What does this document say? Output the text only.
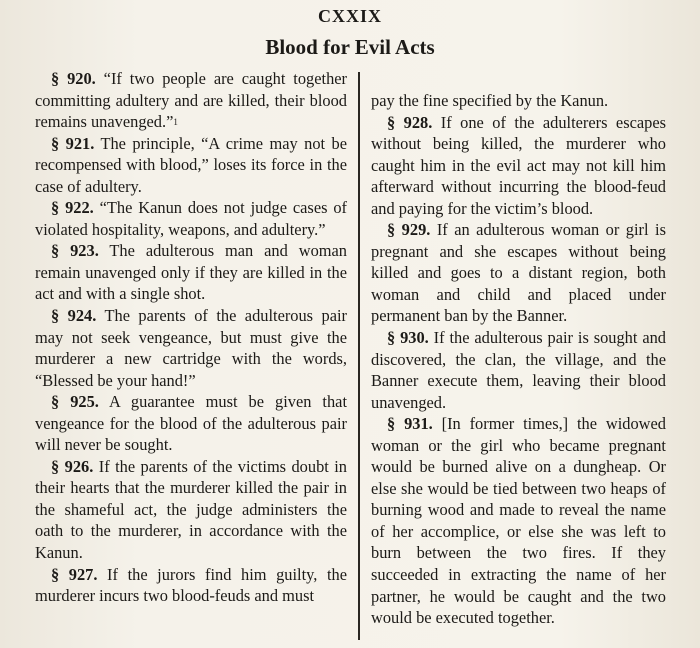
CXXIX
Blood for Evil Acts

§ 920. “If two people are caught together committing adultery and are killed, their blood remains unavenged.”$^1$

§ 921. The principle, “A crime may not be recompensed with blood,” loses its force in the case of adultery.

§ 922. “The Kanun does not judge cases of violated hospitality, weapons, and adultery.”

§ 923. The adulterous man and woman remain unavenged only if they are killed in the act and with a single shot.

§ 924. The parents of the adulterous pair may not seek vengeance, but must give the murderer a new cartridge with the words, “Blessed be your hand!”

§ 925. A guarantee must be given that vengeance for the blood of the adulterous pair will never be sought.

§ 926. If the parents of the victims doubt in their hearts that the murderer killed the pair in the shameful act, the judge administers the oath to the murderer, in accordance with the Kanun.

§ 927. If the jurors find him guilty, the murderer incurs two blood-feuds and must

pay the fine specified by the Kanun.

§ 928. If one of the adulterers escapes without being killed, the murderer who caught him in the evil act may not kill him afterward without incurring the blood-feud and paying for the victim’s blood.

§ 929. If an adulterous woman or girl is pregnant and she escapes without being killed and goes to a distant region, both woman and child and placed under permanent ban by the Banner.

§ 930. If the adulterous pair is sought and discovered, the clan, the village, and the Banner execute them, leaving their blood unavenged.

§ 931. [In former times,] the widowed woman or the girl who became pregnant would be burned alive on a dungheap. Or else she would be tied between two heaps of burning wood and made to reveal the name of her accomplice, or else she was left to burn between the two fires. If they succeeded in extracting the name of her partner, he would be caught and the two would be executed together.
